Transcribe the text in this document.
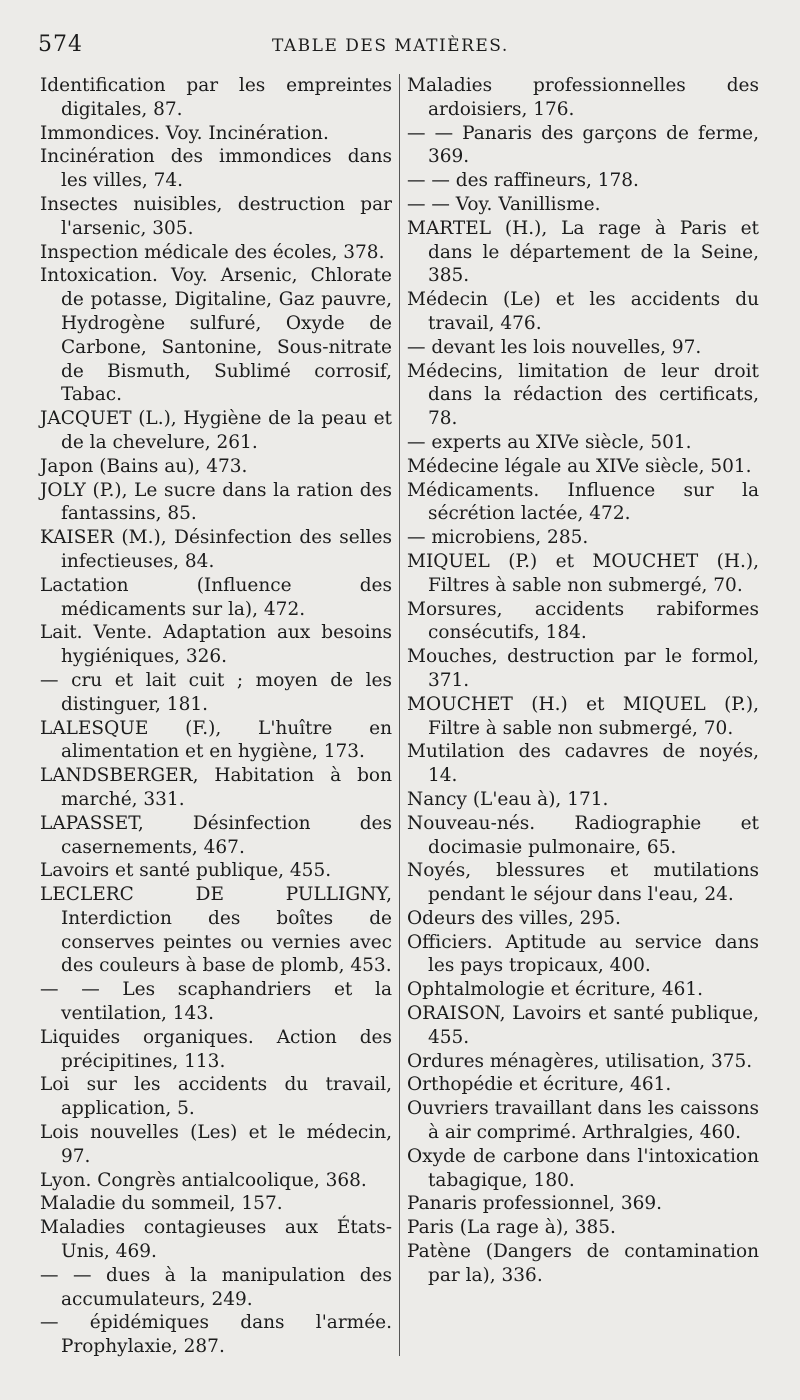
574	TABLE DES MATIÈRES.

Identification par les empreintes digitales, 87.

Immondices. Voy. Incinération.

Incinération des immondices dans les villes, 74.

Insectes nuisibles, destruction par l'arsenic, 305.

Inspection médicale des écoles, 378.

Intoxication. Voy. Arsenic, Chlorate de potasse, Digitaline, Gaz pauvre, Hydrogène sulfuré, Oxyde de Carbone, Santonine, Sous-nitrate de Bismuth, Sublimé corrosif, Tabac.

JACQUET (L.), Hygiène de la peau et de la chevelure, 261.

Japon (Bains au), 473.

JOLY (P.), Le sucre dans la ration des fantassins, 85.

KAISER (M.), Désinfection des selles infectieuses, 84.

Lactation (Influence des médicaments sur la), 472.

Lait. Vente. Adaptation aux besoins hygiéniques, 326.

— cru et lait cuit ; moyen de les distinguer, 181.

LALESQUE (F.), L'huître en alimentation et en hygiène, 173.

LANDSBERGER, Habitation à bon marché, 331.

LAPASSET, Désinfection des casernements, 467.

Lavoirs et santé publique, 455.

LECLERC DE PULLIGNY, Interdiction des boîtes de conserves peintes ou vernies avec des couleurs à base de plomb, 453.

— — Les scaphandriers et la ventilation, 143.

Liquides organiques. Action des précipitines, 113.

Loi sur les accidents du travail, application, 5.

Lois nouvelles (Les) et le médecin, 97.

Lyon. Congrès antialcoolique, 368.

Maladie du sommeil, 157.

Maladies contagieuses aux États-Unis, 469.

— — dues à la manipulation des accumulateurs, 249.

— épidémiques dans l'armée. Prophylaxie, 287.

Maladies professionnelles des ardoisiers, 176.

— — Panaris des garçons de ferme, 369.

— — des raffineurs, 178.

— — Voy. Vanillisme.

MARTEL (H.), La rage à Paris et dans le département de la Seine, 385.

Médecin (Le) et les accidents du travail, 476.

— devant les lois nouvelles, 97.

Médecins, limitation de leur droit dans la rédaction des certificats, 78.

— experts au XIVe siècle, 501.

Médecine légale au XIVe siècle, 501.

Médicaments. Influence sur la sécrétion lactée, 472.

— microbiens, 285.

MIQUEL (P.) et MOUCHET (H.), Filtres à sable non submergé, 70.

Morsures, accidents rabiformes consécutifs, 184.

Mouches, destruction par le formol, 371.

MOUCHET (H.) et MIQUEL (P.), Filtre à sable non submergé, 70.

Mutilation des cadavres de noyés, 14.

Nancy (L'eau à), 171.

Nouveau-nés. Radiographie et docimasie pulmonaire, 65.

Noyés, blessures et mutilations pendant le séjour dans l'eau, 24.

Odeurs des villes, 295.

Officiers. Aptitude au service dans les pays tropicaux, 400.

Ophtalmologie et écriture, 461.

ORAISON, Lavoirs et santé publique, 455.

Ordures ménagères, utilisation, 375.

Orthopédie et écriture, 461.

Ouvriers travaillant dans les caissons à air comprimé. Arthralgies, 460.

Oxyde de carbone dans l'intoxication tabagique, 180.

Panaris professionnel, 369.

Paris (La rage à), 385.

Patène (Dangers de contamination par la), 336.
